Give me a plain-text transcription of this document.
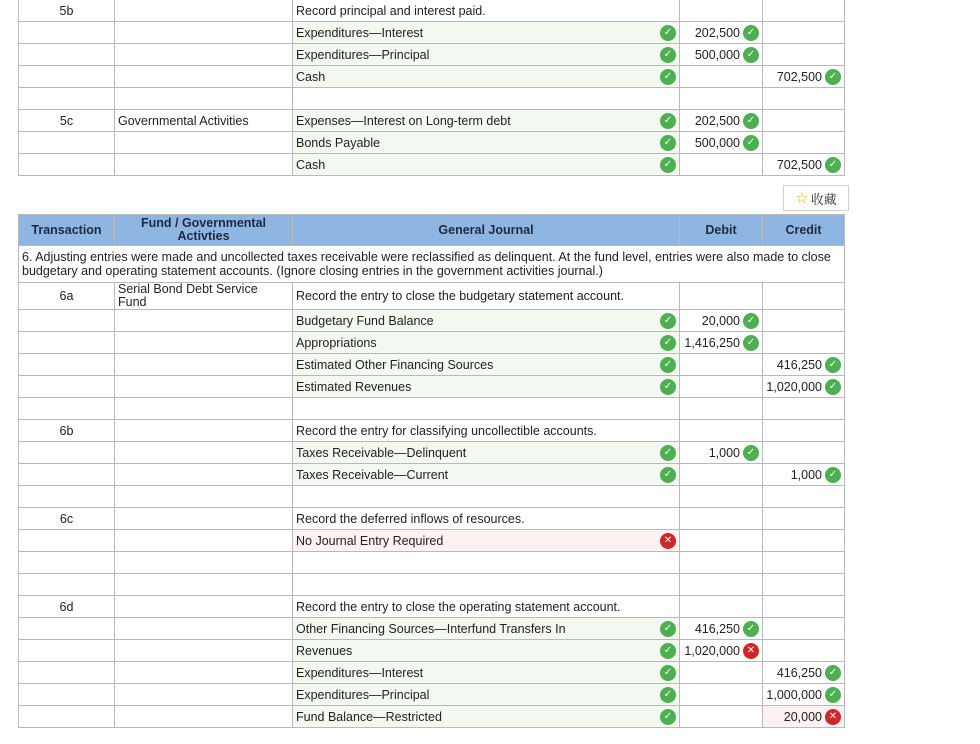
5b		Record principal and interest paid.		
		Expenditures—Interest ✓	202,500 ✓	

		Expenditures—Principal ✓	500,000 ✓	

		Cash ✓		702,500 ✓

5c	Governmental Activities	Expenses—Interest on Long-term debt ✓	202,500 ✓	

		Bonds Payable ✓	500,000 ✓	

		Cash ✓		702,500 ✓
☆ 收藏
Transaction	Fund / Governmental Activties	General Journal	Debit	Credit
6. Adjusting entries were made and uncollected taxes receivable were reclassified as delinquent. At the fund level, entries were also made to close budgetary and operating statement accounts. (Ignore closing entries in the government activities journal.)				
6a	Serial Bond Debt Service Fund	Record the entry to close the budgetary statement account.		
		Budgetary Fund Balance ✓	20,000 ✓	

		Appropriations ✓	1,416,250 ✓	

		Estimated Other Financing Sources ✓		416,250 ✓

		Estimated Revenues ✓		1,020,000 ✓

6b		Record the entry for classifying uncollectible accounts.		
		Taxes Receivable—Delinquent ✓	1,000 ✓	

		Taxes Receivable—Current ✓		1,000 ✓

6c		Record the deferred inflows of resources.		
		No Journal Entry Required ✕		

6d		Record the entry to close the operating statement account.		
		Other Financing Sources—Interfund Transfers In ✓	416,250 ✓	

		Revenues ✓	1,020,000 ✕	

		Expenditures—Interest ✓		416,250 ✓

		Expenditures—Principal ✓		1,000,000 ✓

		Fund Balance—Restricted ✓		20,000 ✕
